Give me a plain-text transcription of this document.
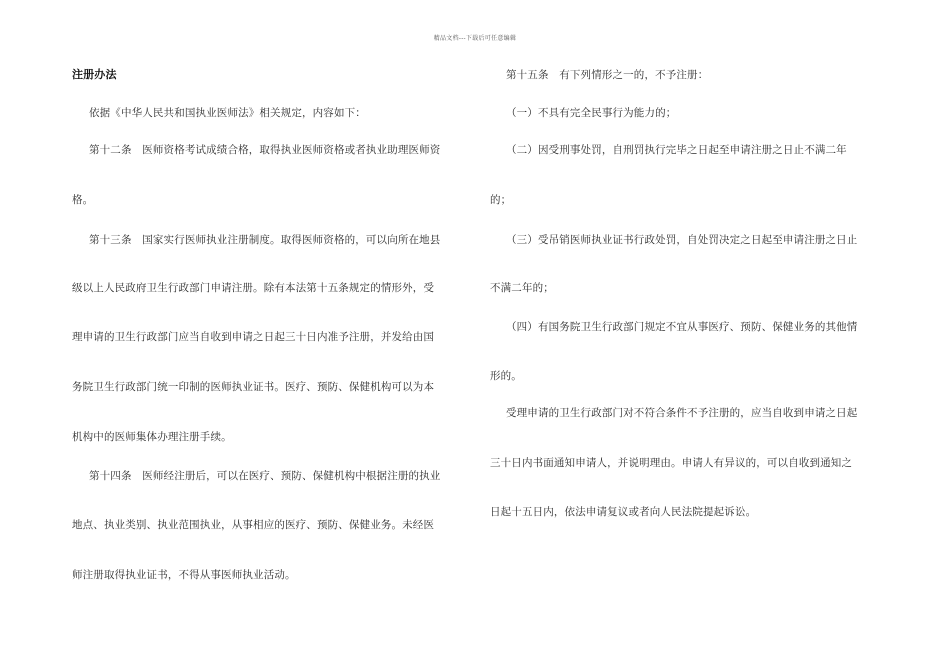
精品文档---下载后可任意编辑
注册办法
依据《中华人民共和国执业医师法》相关规定，内容如下：
第十二条　医师资格考试成绩合格，取得执业医师资格或者执业助理医师资
格。
第十三条　国家实行医师执业注册制度。取得医师资格的，可以向所在地县
级以上人民政府卫生行政部门申请注册。除有本法第十五条规定的情形外，受
理申请的卫生行政部门应当自收到申请之日起三十日内准予注册，并发给由国
务院卫生行政部门统一印制的医师执业证书。医疗、预防、保健机构可以为本
机构中的医师集体办理注册手续。
第十四条　医师经注册后，可以在医疗、预防、保健机构中根据注册的执业
地点、执业类别、执业范围执业，从事相应的医疗、预防、保健业务。未经医
师注册取得执业证书，不得从事医师执业活动。
第十五条　有下列情形之一的，不予注册：
（一）不具有完全民事行为能力的；
（二）因受刑事处罚，自刑罚执行完毕之日起至申请注册之日止不满二年
的；
（三）受吊销医师执业证书行政处罚，自处罚决定之日起至申请注册之日止
不满二年的；
（四）有国务院卫生行政部门规定不宜从事医疗、预防、保健业务的其他情
形的。
受理申请的卫生行政部门对不符合条件不予注册的，应当自收到申请之日起
三十日内书面通知申请人，并说明理由。申请人有异议的，可以自收到通知之
日起十五日内，依法申请复议或者向人民法院提起诉讼。
